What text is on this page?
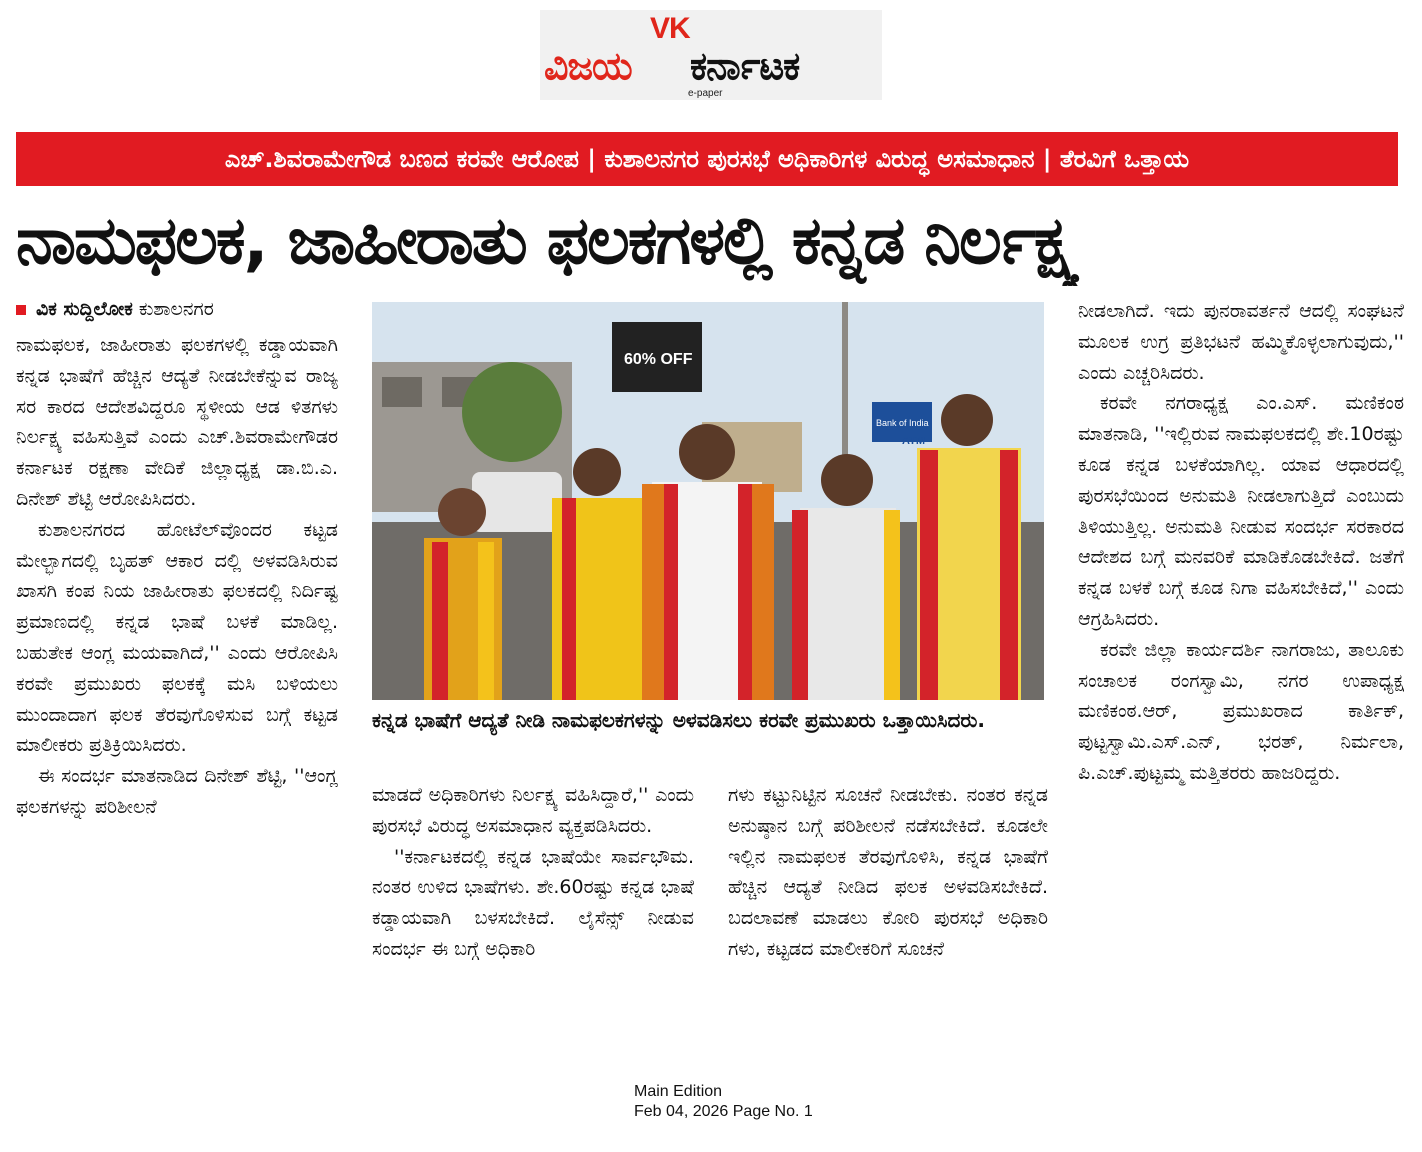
VK
ವಿಜಯ ಕರ್ನಾಟಕ
e-paper
ಎಚ್.ಶಿವರಾಮೇಗೌಡ ಬಣದ ಕರವೇ ಆರೋಪ | ಕುಶಾಲನಗರ ಪುರಸಭೆ ಅಧಿಕಾರಿಗಳ ವಿರುದ್ಧ ಅಸಮಾಧಾನ | ತೆರವಿಗೆ ಒತ್ತಾಯ
ನಾಮಫಲಕ, ಜಾಹೀರಾತು ಫಲಕಗಳಲ್ಲಿ ಕನ್ನಡ ನಿರ್ಲಕ್ಷ್ಯ
ವಿಕ ಸುದ್ದಿಲೋಕ ಕುಶಾಲನಗರ

ನಾಮಫಲಕ, ಜಾಹೀರಾತು ಫಲಕಗಳಲ್ಲಿ ಕಡ್ಡಾಯವಾಗಿ ಕನ್ನಡ ಭಾಷೆಗೆ ಹೆಚ್ಚಿನ ಆದ್ಯತೆ ನೀಡಬೇಕೆನ್ನುವ ರಾಜ್ಯ ಸರ ಕಾರದ ಆದೇಶವಿದ್ದರೂ ಸ್ಥಳೀಯ ಆಡ ಳಿತಗಳು ನಿರ್ಲಕ್ಷ್ಯ ವಹಿಸುತ್ತಿವೆ ಎಂದು ಎಚ್.ಶಿವರಾಮೇಗೌಡರ ಕರ್ನಾಟಕ ರಕ್ಷಣಾ ವೇದಿಕೆ ಜಿಲ್ಲಾಧ್ಯಕ್ಷ ಡಾ.ಬಿ.ಎ. ದಿನೇಶ್ ಶೆಟ್ಟಿ ಆರೋಪಿಸಿದರು.

ಕುಶಾಲನಗರದ ಹೋಟೆಲ್‌ವೊಂದರ ಕಟ್ಟಡ ಮೇಲ್ಭಾಗದಲ್ಲಿ ಬೃಹತ್ ಆಕಾರ ದಲ್ಲಿ ಅಳವಡಿಸಿರುವ ಖಾಸಗಿ ಕಂಪ ನಿಯ ಜಾಹೀರಾತು ಫಲಕದಲ್ಲಿ ನಿರ್ದಿಷ್ಟ ಪ್ರಮಾಣದಲ್ಲಿ ಕನ್ನಡ ಭಾಷೆ ಬಳಕೆ ಮಾಡಿಲ್ಲ. ಬಹುತೇಕ ಆಂಗ್ಲ ಮಯವಾಗಿದೆ,'' ಎಂದು ಆರೋಪಿಸಿ ಕರವೇ ಪ್ರಮುಖರು ಫಲಕಕ್ಕೆ ಮಸಿ ಬಳಿಯಲು ಮುಂದಾದಾಗ ಫಲಕ ತೆರವುಗೊಳಿಸುವ ಬಗ್ಗೆ ಕಟ್ಟಡ ಮಾಲೀಕರು ಪ್ರತಿಕ್ರಿಯಿಸಿದರು.

ಈ ಸಂದರ್ಭ ಮಾತನಾಡಿದ ದಿನೇಶ್ ಶೆಟ್ಟಿ, ''ಆಂಗ್ಲ ಫಲಕಗಳನ್ನು ಪರಿಶೀಲನೆ

60% OFF
Bank of India
ATM
ಕನ್ನಡ ಭಾಷೆಗೆ ಆದ್ಯತೆ ನೀಡಿ ನಾಮಫಲಕಗಳನ್ನು ಅಳವಡಿಸಲು ಕರವೇ ಪ್ರಮುಖರು ಒತ್ತಾಯಿಸಿದರು.

ಮಾಡದೆ ಅಧಿಕಾರಿಗಳು ನಿರ್ಲಕ್ಷ್ಯ ವಹಿಸಿದ್ದಾರೆ,'' ಎಂದು ಪುರಸಭೆ ವಿರುದ್ಧ ಅಸಮಾಧಾನ ವ್ಯಕ್ತಪಡಿಸಿದರು.

''ಕರ್ನಾಟಕದಲ್ಲಿ ಕನ್ನಡ ಭಾಷೆಯೇ ಸಾರ್ವಭೌಮ. ನಂತರ ಉಳಿದ ಭಾಷೆಗಳು. ಶೇ.60ರಷ್ಟು ಕನ್ನಡ ಭಾಷೆ ಕಡ್ಡಾಯವಾಗಿ ಬಳಸಬೇಕಿದೆ. ಲೈಸೆನ್ಸ್ ನೀಡುವ ಸಂದರ್ಭ ಈ ಬಗ್ಗೆ ಅಧಿಕಾರಿ

ಗಳು ಕಟ್ಟುನಿಟ್ಟಿನ ಸೂಚನೆ ನೀಡಬೇಕು. ನಂತರ ಕನ್ನಡ ಅನುಷ್ಠಾನ ಬಗ್ಗೆ ಪರಿಶೀಲನೆ ನಡೆಸಬೇಕಿದೆ. ಕೂಡಲೇ ಇಲ್ಲಿನ ನಾಮಫಲಕ ತೆರವುಗೊಳಿಸಿ, ಕನ್ನಡ ಭಾಷೆಗೆ ಹೆಚ್ಚಿನ ಆದ್ಯತೆ ನೀಡಿದ ಫಲಕ ಅಳವಡಿಸಬೇಕಿದೆ. ಬದಲಾವಣೆ ಮಾಡಲು ಕೋರಿ ಪುರಸಭೆ ಅಧಿಕಾರಿ ಗಳು, ಕಟ್ಟಡದ ಮಾಲೀಕರಿಗೆ ಸೂಚನೆ

ನೀಡಲಾಗಿದೆ. ಇದು ಪುನರಾವರ್ತನೆ ಆದಲ್ಲಿ ಸಂಘಟನೆ ಮೂಲಕ ಉಗ್ರ ಪ್ರತಿಭಟನೆ ಹಮ್ಮಿಕೊಳ್ಳಲಾಗುವುದು,'' ಎಂದು ಎಚ್ಚರಿಸಿದರು.

ಕರವೇ ನಗರಾಧ್ಯಕ್ಷ ಎಂ.ಎಸ್. ಮಣಿಕಂಠ ಮಾತನಾಡಿ, ''ಇಲ್ಲಿರುವ ನಾಮಫಲಕದಲ್ಲಿ ಶೇ.10ರಷ್ಟು ಕೂಡ ಕನ್ನಡ ಬಳಕೆಯಾಗಿಲ್ಲ. ಯಾವ ಆಧಾರದಲ್ಲಿ ಪುರಸಭೆಯಿಂದ ಅನುಮತಿ ನೀಡಲಾಗುತ್ತಿದೆ ಎಂಬುದು ತಿಳಿಯುತ್ತಿಲ್ಲ. ಅನುಮತಿ ನೀಡುವ ಸಂದರ್ಭ ಸರಕಾರದ ಆದೇಶದ ಬಗ್ಗೆ ಮನವರಿಕೆ ಮಾಡಿಕೊಡಬೇಕಿದೆ. ಜತೆಗೆ ಕನ್ನಡ ಬಳಕೆ ಬಗ್ಗೆ ಕೂಡ ನಿಗಾ ವಹಿಸಬೇಕಿದೆ,'' ಎಂದು ಆಗ್ರಹಿಸಿದರು.

ಕರವೇ ಜಿಲ್ಲಾ ಕಾರ್ಯದರ್ಶಿ ನಾಗರಾಜು, ತಾಲೂಕು ಸಂಚಾಲಕ ರಂಗಸ್ವಾಮಿ, ನಗರ ಉಪಾಧ್ಯಕ್ಷ ಮಣಿಕಂಠ.ಆರ್, ಪ್ರಮುಖರಾದ ಕಾರ್ತಿಕ್, ಪುಟ್ಟಸ್ವಾಮಿ.ಎಸ್.ಎನ್, ಭರತ್, ನಿರ್ಮಲಾ, ಪಿ.ಎಚ್.ಪುಟ್ಟಮ್ಮ ಮತ್ತಿತರರು ಹಾಜರಿದ್ದರು.

Main Edition
Feb 04, 2026 Page No. 1
